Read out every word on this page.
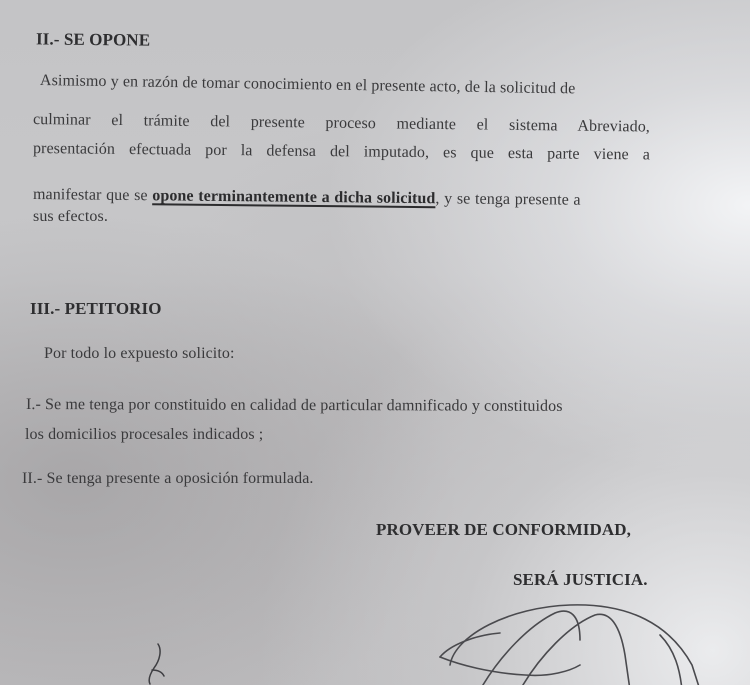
II.- SE OPONE
Asimismo y en razón de tomar conocimiento en el presente acto, de la solicitud de
culminar el trámite del presente proceso mediante el sistema Abreviado,
presentación efectuada por la defensa del imputado, es que esta parte viene a
manifestar que se opone terminantemente a dicha solicitud, y se tenga presente a
sus efectos.
III.- PETITORIO
Por todo lo expuesto solicito:
I.- Se me tenga por constituido en calidad de particular damnificado y constituidos
los domicilios procesales indicados ;
II.- Se tenga presente a oposición formulada.
PROVEER DE CONFORMIDAD,
SERÁ JUSTICIA.
